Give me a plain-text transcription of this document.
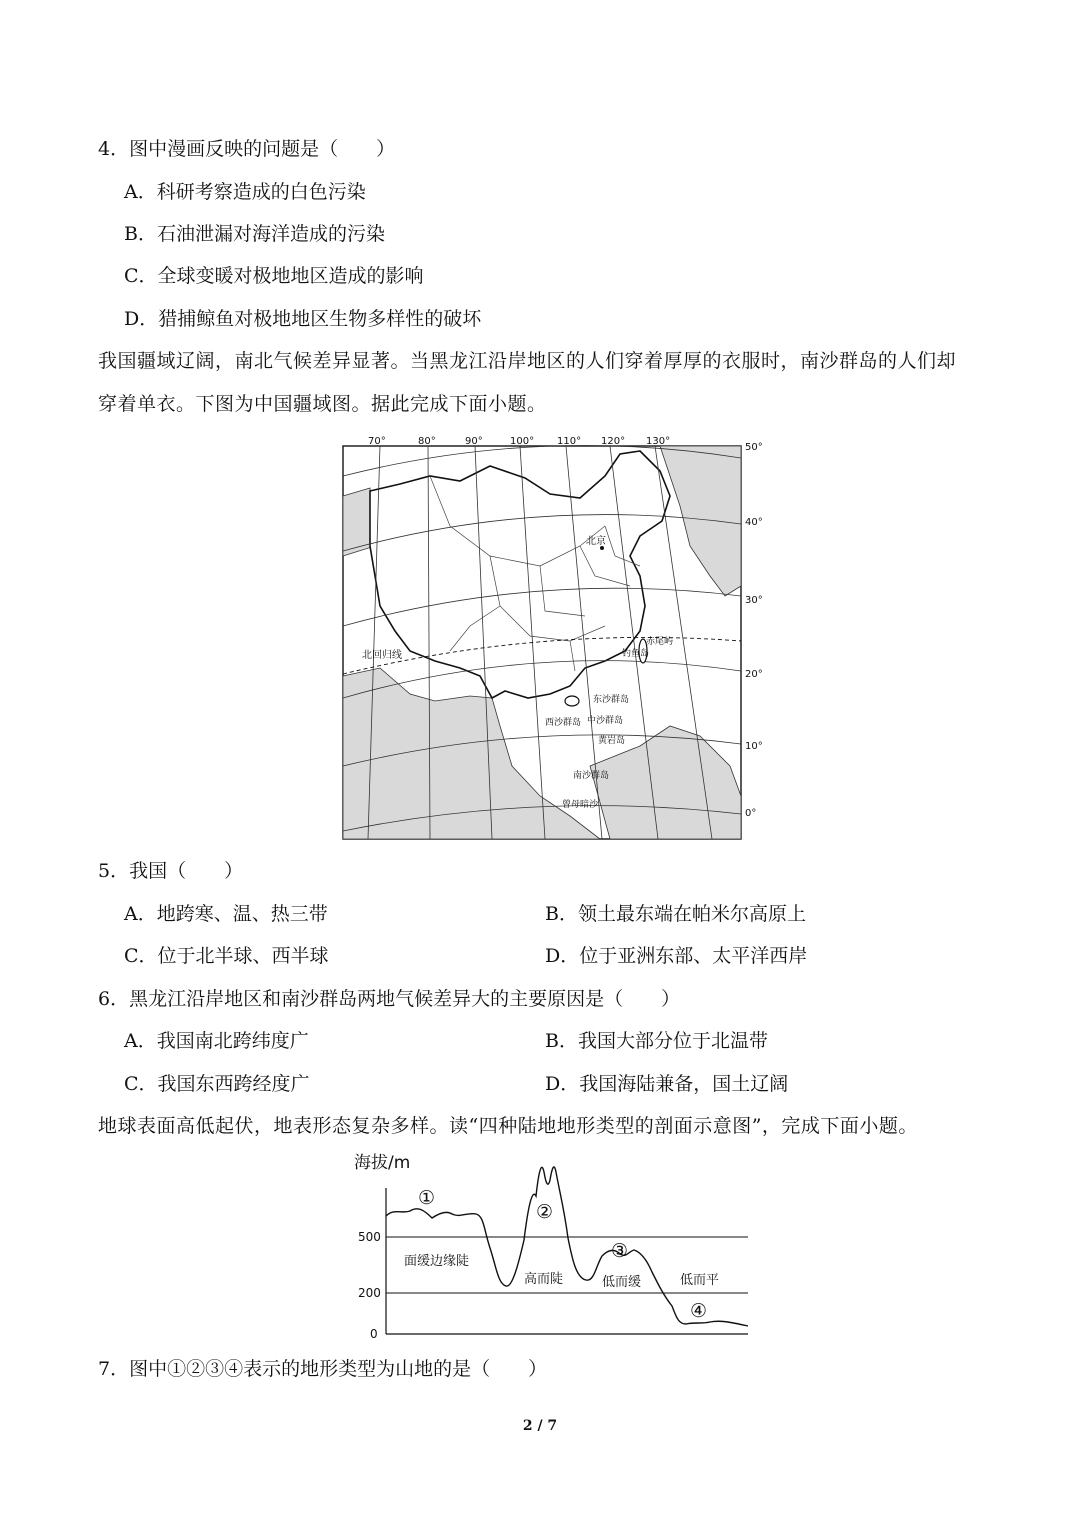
4．图中漫画反映的问题是（　　）
A．科研考察造成的白色污染
B．石油泄漏对海洋造成的污染
C．全球变暖对极地地区造成的影响
D．猎捕鲸鱼对极地地区生物多样性的破坏
我国疆域辽阔，南北气候差异显著。当黑龙江沿岸地区的人们穿着厚厚的衣服时，南沙群岛的人们却
穿着单衣。下图为中国疆域图。据此完成下面小题。
70°	80°	90°	100° 110° 120° 130°
50°
40°
30°
20°
10°
0°
北京
北回归线
赤尾屿
钓鱼岛
东沙群岛
西沙群岛 中沙群岛
黄岩岛
南沙群岛
曾母暗沙
5．我国（　　）
A．地跨寒、温、热三带	B．领土最东端在帕米尔高原上
C．位于北半球、西半球	D．位于亚洲东部、太平洋西岸
6．黑龙江沿岸地区和南沙群岛两地气候差异大的主要原因是（　　）
A．我国南北跨纬度广	B．我国大部分位于北温带
C．我国东西跨经度广	D．我国海陆兼备，国土辽阔
地球表面高低起伏，地表形态复杂多样。读“四种陆地地形类型的剖面示意图”，完成下面小题。
海拔/m
500
200
0
①
②
③
④
面缓边缘陡
高而陡	低而缓	低而平
7．图中①②③④表示的地形类型为山地的是（　　）
2 / 7
